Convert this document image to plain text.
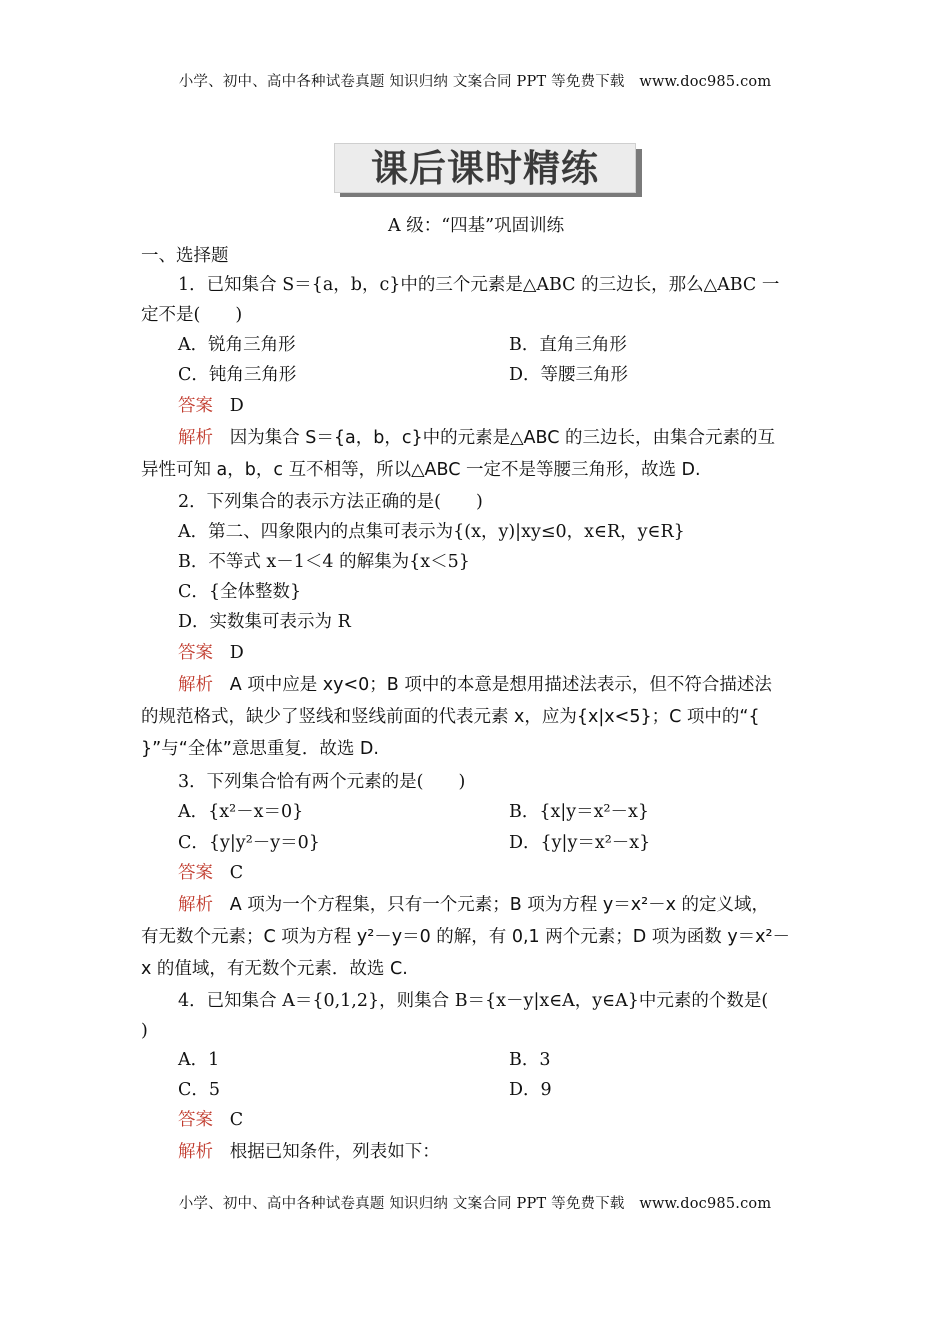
小学、初中、高中各种试卷真题 知识归纳 文案合同 PPT 等免费下载　www.doc985.com
课后课时精练
A 级：“四基”巩固训练
一、选择题
1．已知集合 S＝{a，b，c}中的三个元素是△ABC 的三边长，那么△ABC 一
定不是(　　)
A．锐角三角形	B．直角三角形
C．钝角三角形	D．等腰三角形
答案 D
解析 因为集合 S＝{a，b，c}中的元素是△ABC 的三边长，由集合元素的互
异性可知 a，b，c 互不相等，所以△ABC 一定不是等腰三角形，故选 D.
2．下列集合的表示方法正确的是(　　)
A．第二、四象限内的点集可表示为{(x，y)|xy≤0，x∈R，y∈R}
B．不等式 x－1＜4 的解集为{x＜5}
C．{全体整数}
D．实数集可表示为 R
答案 D
解析 A 项中应是 xy<0；B 项中的本意是想用描述法表示，但不符合描述法
的规范格式，缺少了竖线和竖线前面的代表元素 x，应为{x|x<5}；C 项中的“{
}”与“全体”意思重复．故选 D.
3．下列集合恰有两个元素的是(　　)
A．{x²－x＝0}	B．{x|y＝x²－x}
C．{y|y²－y＝0}	D．{y|y＝x²－x}
答案 C
解析 A 项为一个方程集，只有一个元素；B 项为方程 y＝x²－x 的定义域，
有无数个元素；C 项为方程 y²－y＝0 的解，有 0,1 两个元素；D 项为函数 y＝x²－
x 的值域，有无数个元素．故选 C.
4．已知集合 A＝{0,1,2}，则集合 B＝{x－y|x∈A，y∈A}中元素的个数是(
)
A．1	B．3
C．5	D．9
答案 C
解析 根据已知条件，列表如下：
小学、初中、高中各种试卷真题 知识归纳 文案合同 PPT 等免费下载　www.doc985.com
